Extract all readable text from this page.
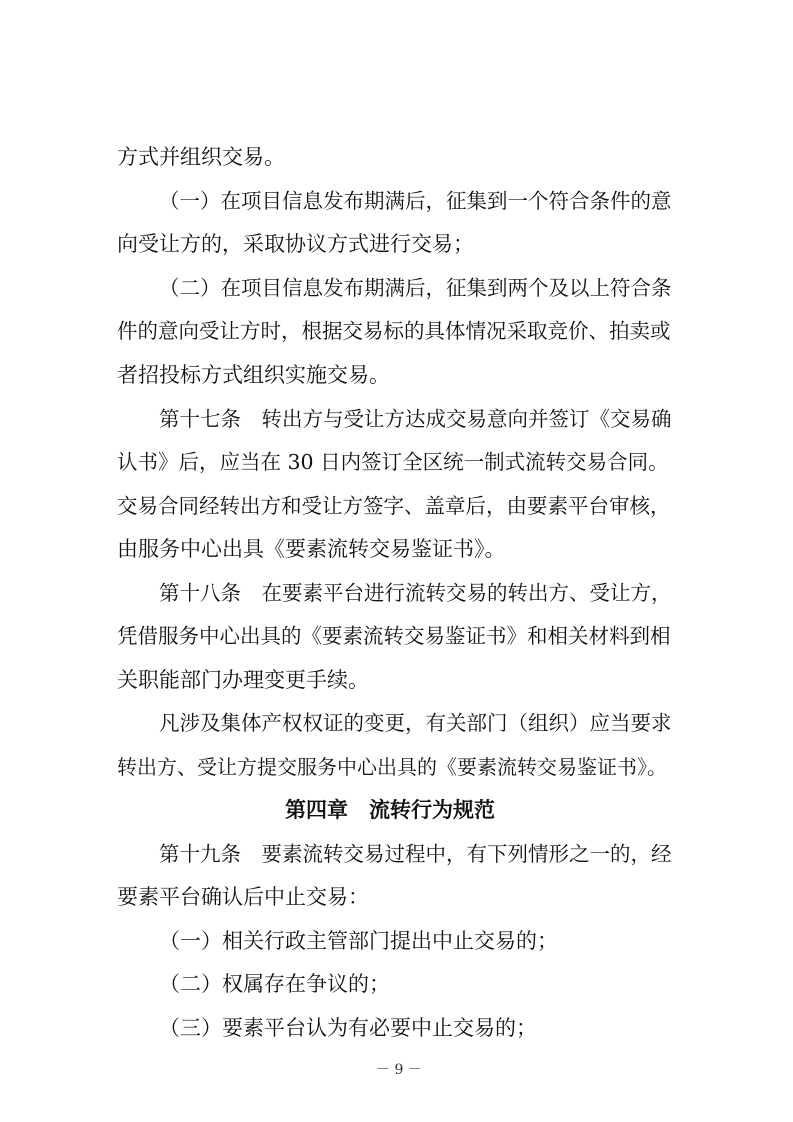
方式并组织交易。
（一）在项目信息发布期满后，征集到一个符合条件的意
向受让方的，采取协议方式进行交易；
（二）在项目信息发布期满后，征集到两个及以上符合条
件的意向受让方时，根据交易标的具体情况采取竞价、拍卖或
者招投标方式组织实施交易。
第十七条　转出方与受让方达成交易意向并签订《交易确
认书》后，应当在 30 日内签订全区统一制式流转交易合同。
交易合同经转出方和受让方签字、盖章后，由要素平台审核，
由服务中心出具《要素流转交易鉴证书》。
第十八条　在要素平台进行流转交易的转出方、受让方，
凭借服务中心出具的《要素流转交易鉴证书》和相关材料到相
关职能部门办理变更手续。
凡涉及集体产权权证的变更，有关部门（组织）应当要求
转出方、受让方提交服务中心出具的《要素流转交易鉴证书》。
第四章　流转行为规范
第十九条　要素流转交易过程中，有下列情形之一的，经
要素平台确认后中止交易：
（一）相关行政主管部门提出中止交易的；
（二）权属存在争议的；
（三）要素平台认为有必要中止交易的；
－ 9 －
